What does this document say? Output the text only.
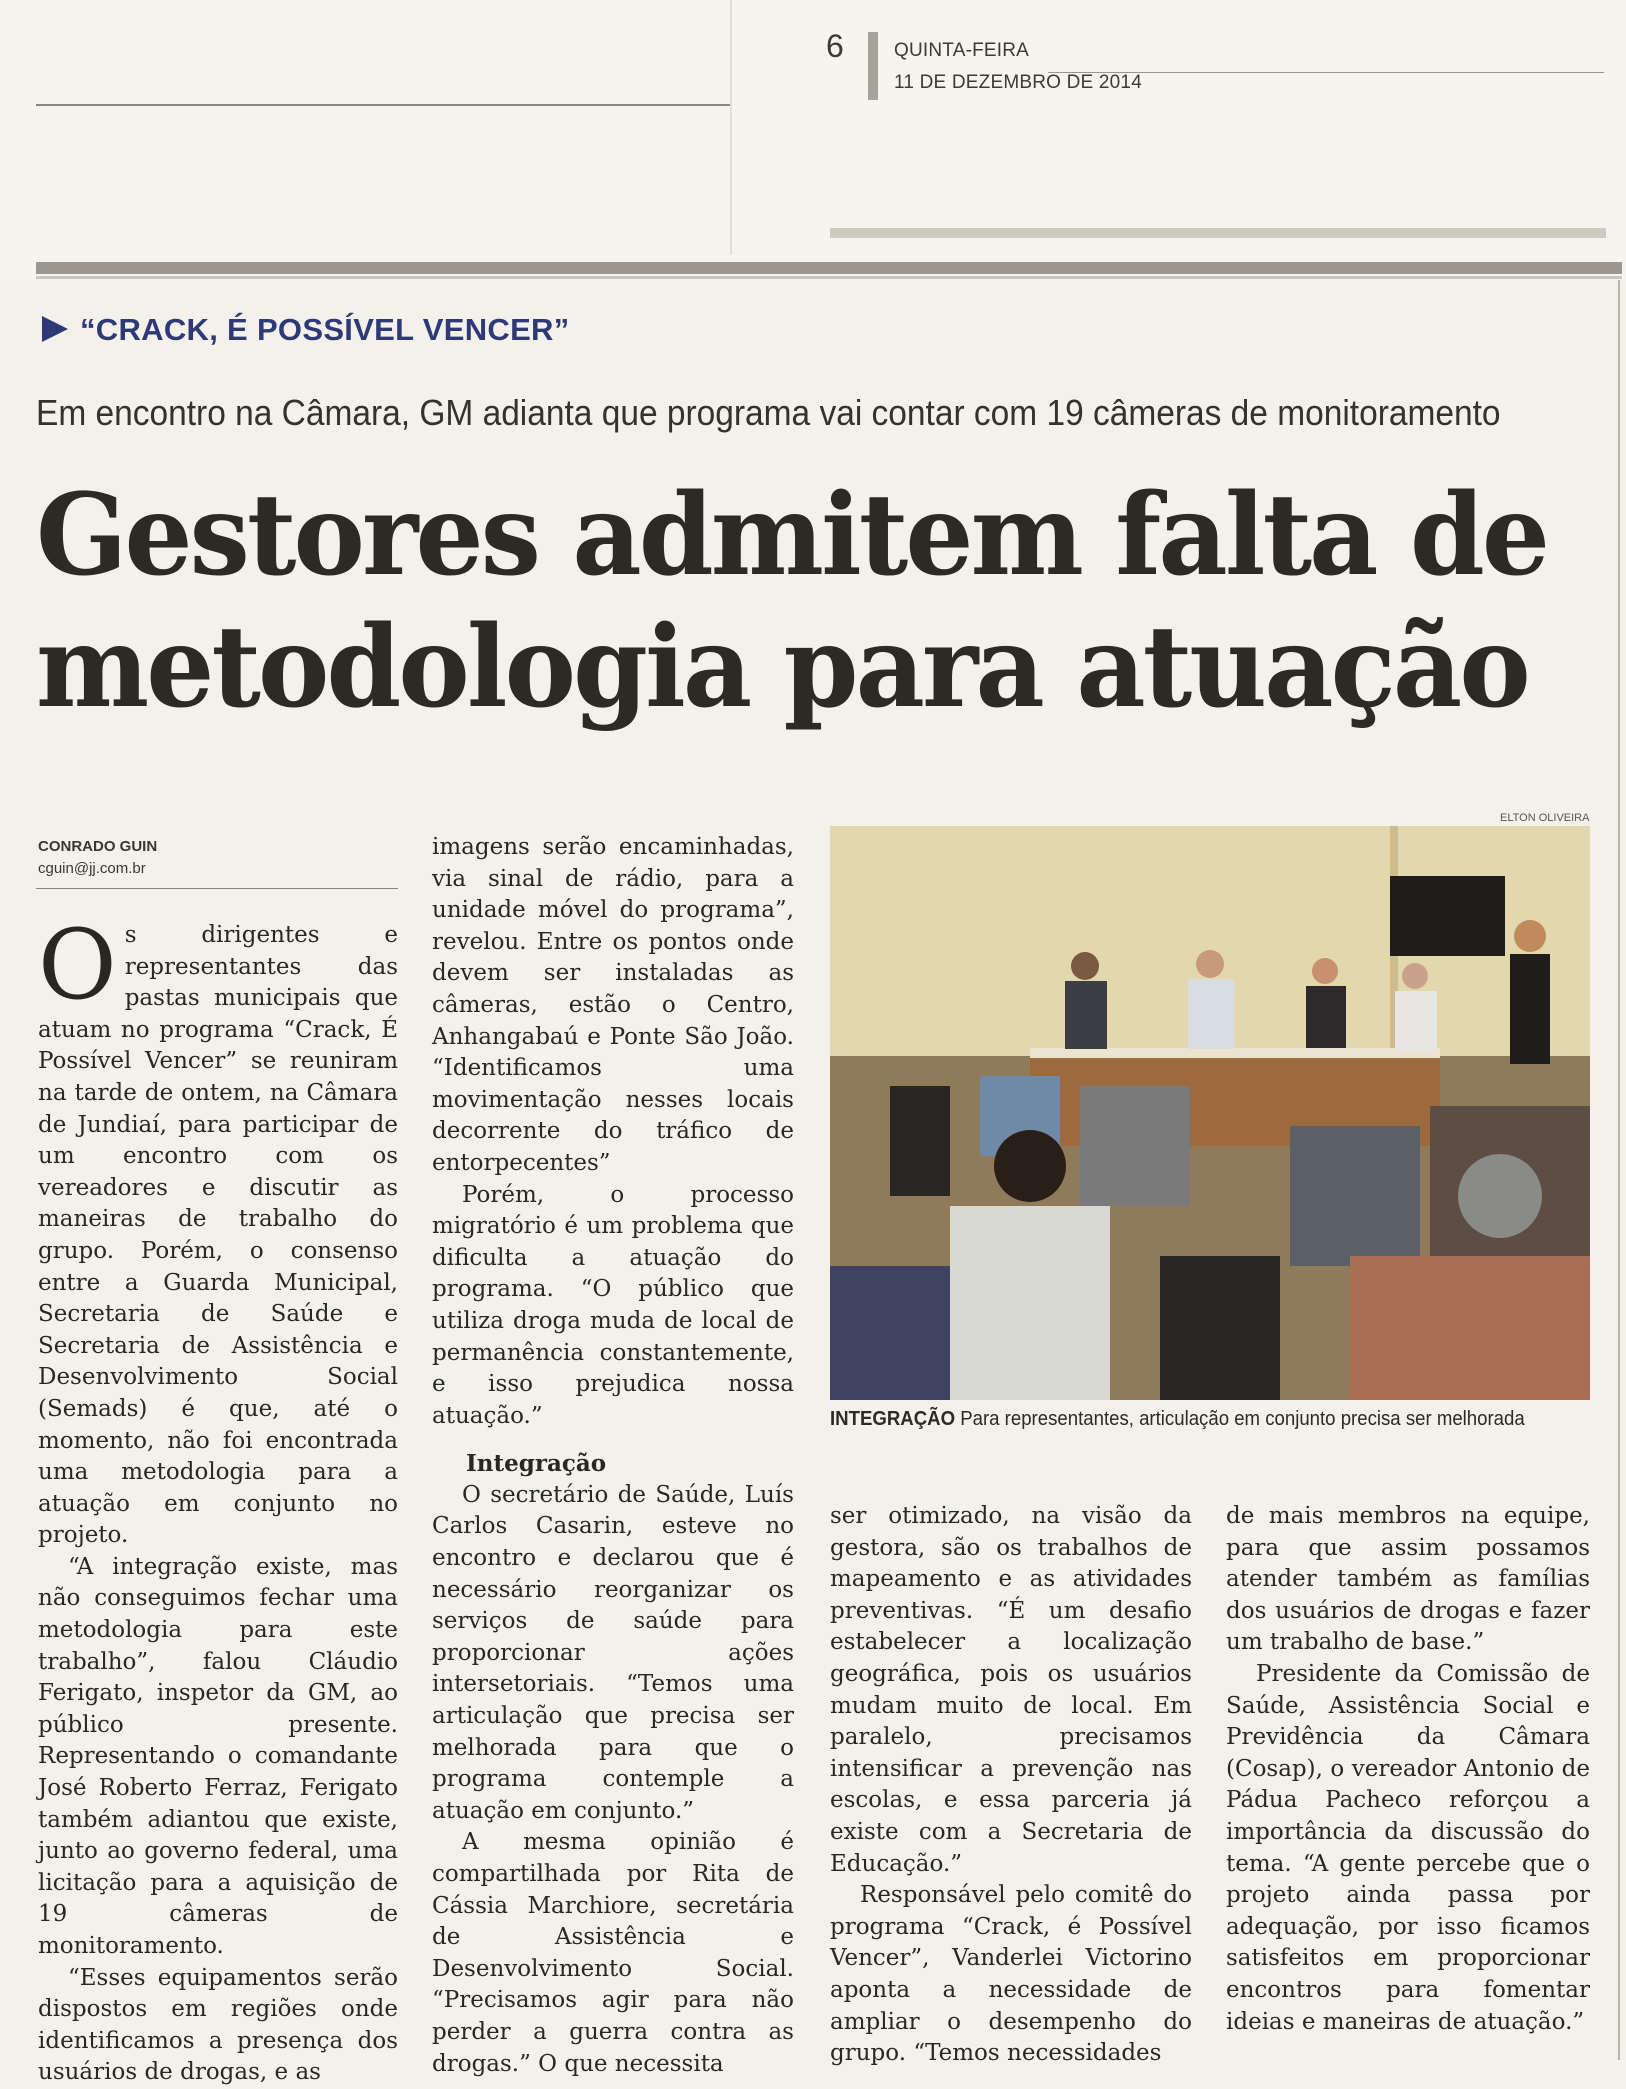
6	QUINTA-FEIRA
11 DE DEZEMBRO DE 2014
“CRACK, É POSSÍVEL VENCER”
Em encontro na Câmara, GM adianta que programa vai contar com 19 câmeras de monitoramento
Gestores admitem falta de
metodologia para atuação
CONRADO GUIN
cguin@jj.com.br

Os dirigentes e representantes das pastas municipais que atuam no programa “Crack, É Possível Vencer” se reuniram na tarde de ontem, na Câmara de Jundiaí, para participar de um encontro com os vereadores e discutir as maneiras de trabalho do grupo. Porém, o consenso entre a Guarda Municipal, Secretaria de Saúde e Secretaria de Assistência e Desenvolvimento Social (Semads) é que, até o momento, não foi encontrada uma metodologia para a atuação em conjunto no projeto.

“A integração existe, mas não conseguimos fechar uma metodologia para este trabalho”, falou Cláudio Ferigato, inspetor da GM, ao público presente. Representando o comandante José Roberto Ferraz, Ferigato também adiantou que existe, junto ao governo federal, uma licitação para a aquisição de 19 câmeras de monitoramento.

“Esses equipamentos serão dispostos em regiões onde identificamos a presença dos usuários de drogas, e as

imagens serão encaminhadas, via sinal de rádio, para a unidade móvel do programa”, revelou. Entre os pontos onde devem ser instaladas as câmeras, estão o Centro, Anhangabaú e Ponte São João. “Identificamos uma movimentação nesses locais decorrente do tráfico de entorpecentes”

Porém, o processo migratório é um problema que dificulta a atuação do programa. “O público que utiliza droga muda de local de permanência constantemente, e isso prejudica nossa atuação.”

Integração

O secretário de Saúde, Luís Carlos Casarin, esteve no encontro e declarou que é necessário reorganizar os serviços de saúde para proporcionar ações intersetoriais. “Temos uma articulação que precisa ser melhorada para que o programa contemple a atuação em conjunto.”

A mesma opinião é compartilhada por Rita de Cássia Marchiore, secretária de Assistência e Desenvolvimento Social. “Precisamos agir para não perder a guerra contra as drogas.” O que necessita

ELTON OLIVEIRA
INTEGRAÇÃO Para representantes, articulação em conjunto precisa ser melhorada

ser otimizado, na visão da gestora, são os trabalhos de mapeamento e as atividades preventivas. “É um desafio estabelecer a localização geográfica, pois os usuários mudam muito de local. Em paralelo, precisamos intensificar a prevenção nas escolas, e essa parceria já existe com a Secretaria de Educação.”

Responsável pelo comitê do programa “Crack, é Possível Vencer”, Vanderlei Victorino aponta a necessidade de ampliar o desempenho do grupo. “Temos necessidades

de mais membros na equipe, para que assim possamos atender também as famílias dos usuários de drogas e fazer um trabalho de base.”

Presidente da Comissão de Saúde, Assistência Social e Previdência da Câmara (Cosap), o vereador Antonio de Pádua Pacheco reforçou a importância da discussão do tema. “A gente percebe que o projeto ainda passa por adequação, por isso ficamos satisfeitos em proporcionar encontros para fomentar ideias e maneiras de atuação.”
